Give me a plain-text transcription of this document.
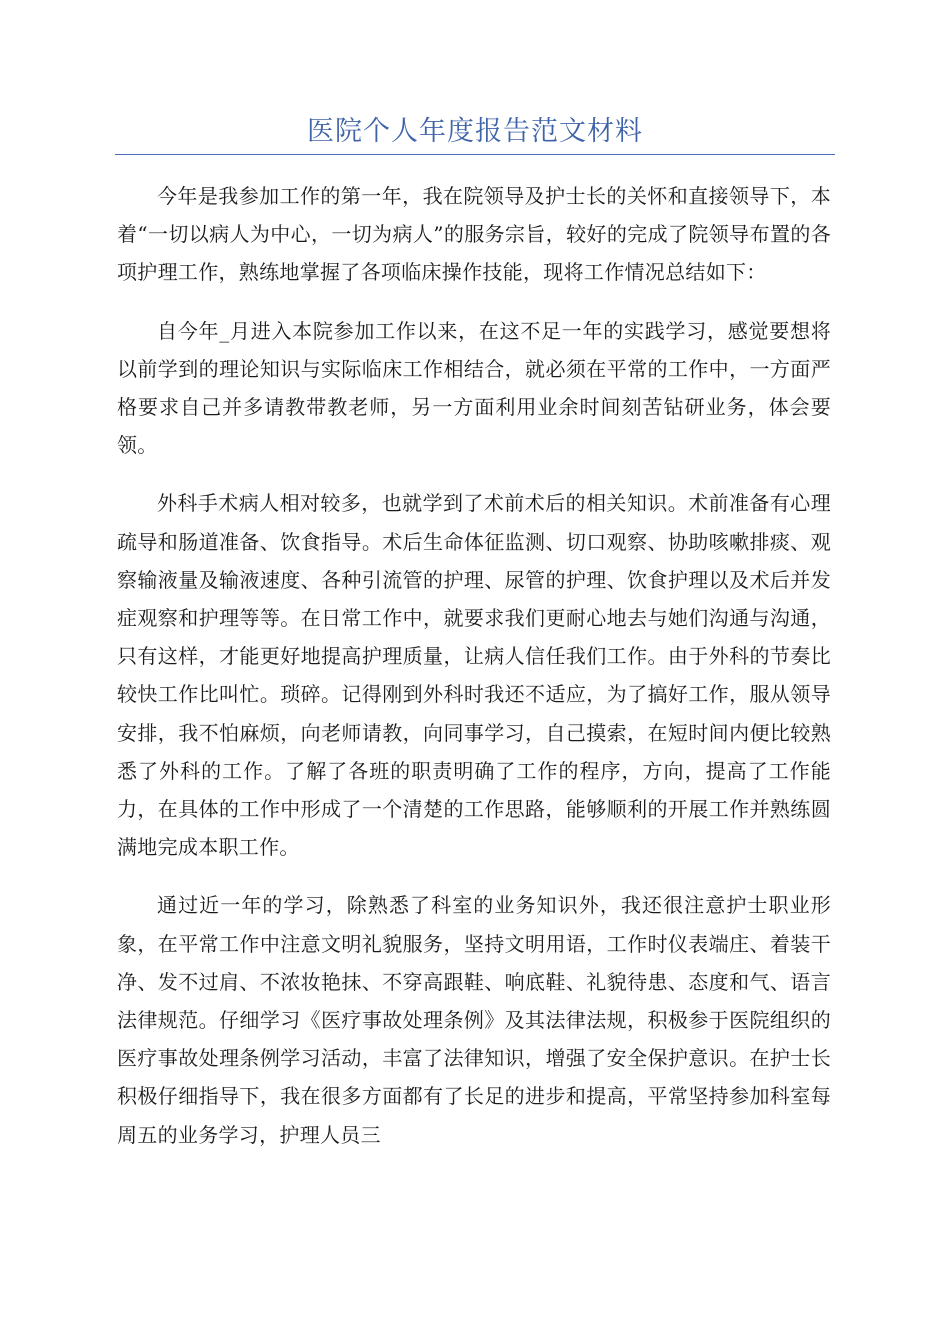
医院个人年度报告范文材料

今年是我参加工作的第一年，我在院领导及护士长的关怀和直接领导下，本着“一切以病人为中心，一切为病人”的服务宗旨，较好的完成了院领导布置的各项护理工作，熟练地掌握了各项临床操作技能，现将工作情况总结如下：

自今年_月进入本院参加工作以来，在这不足一年的实践学习，感觉要想将以前学到的理论知识与实际临床工作相结合，就必须在平常的工作中，一方面严格要求自己并多请教带教老师，另一方面利用业余时间刻苦钻研业务，体会要领。

外科手术病人相对较多，也就学到了术前术后的相关知识。术前准备有心理疏导和肠道准备、饮食指导。术后生命体征监测、切口观察、协助咳嗽排痰、观察输液量及输液速度、各种引流管的护理、尿管的护理、饮食护理以及术后并发症观察和护理等等。在日常工作中，就要求我们更耐心地去与她们沟通与沟通，只有这样，才能更好地提高护理质量，让病人信任我们工作。由于外科的节奏比较快工作比叫忙。琐碎。记得刚到外科时我还不适应，为了搞好工作，服从领导安排，我不怕麻烦，向老师请教，向同事学习，自己摸索，在短时间内便比较熟悉了外科的工作。了解了各班的职责明确了工作的程序，方向，提高了工作能力，在具体的工作中形成了一个清楚的工作思路，能够顺利的开展工作并熟练圆满地完成本职工作。

通过近一年的学习，除熟悉了科室的业务知识外，我还很注意护士职业形象，在平常工作中注意文明礼貌服务，坚持文明用语，工作时仪表端庄、着装干净、发不过肩、不浓妆艳抹、不穿高跟鞋、响底鞋、礼貌待患、态度和气、语言法律规范。仔细学习《医疗事故处理条例》及其法律法规，积极参于医院组织的医疗事故处理条例学习活动，丰富了法律知识，增强了安全保护意识。在护士长积极仔细指导下，我在很多方面都有了长足的进步和提高，平常坚持参加科室每周五的业务学习，护理人员三
